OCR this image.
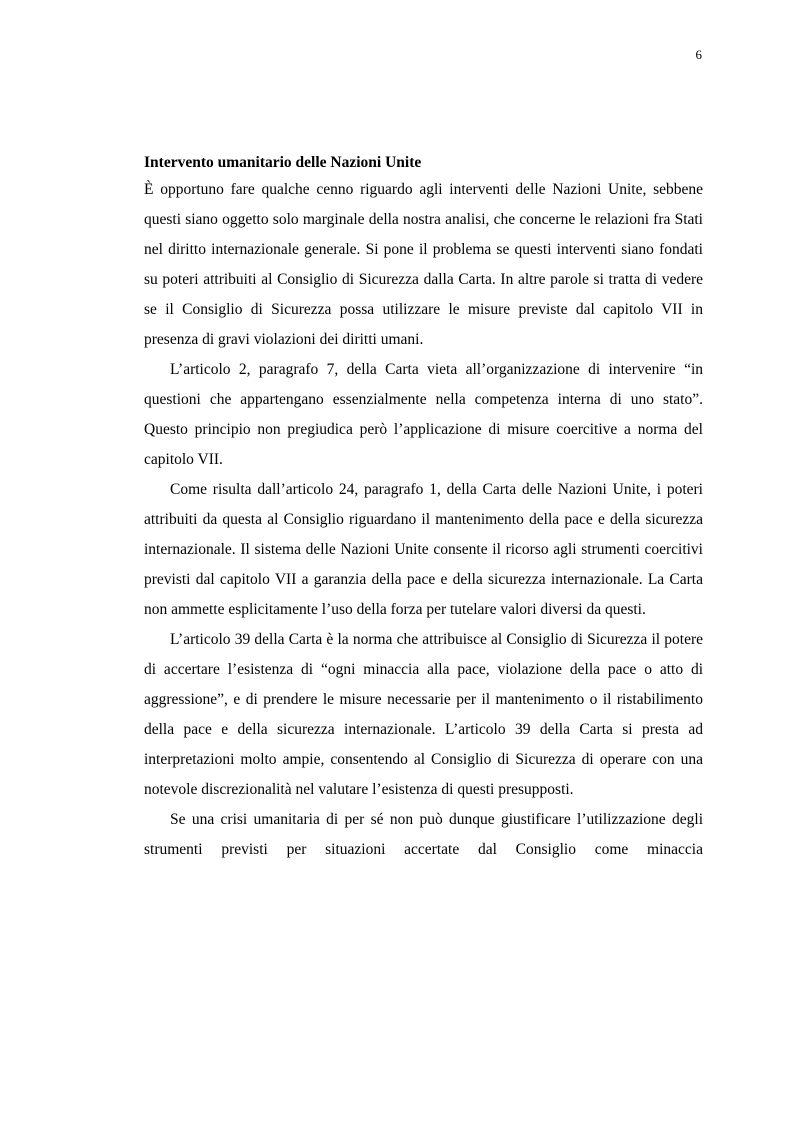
6
Intervento umanitario delle Nazioni Unite

È opportuno fare qualche cenno riguardo agli interventi delle Nazioni Unite, sebbene questi siano oggetto solo marginale della nostra analisi, che concerne le relazioni fra Stati nel diritto internazionale generale. Si pone il problema se questi interventi siano fondati su poteri attribuiti al Consiglio di Sicurezza dalla Carta. In altre parole si tratta di vedere se il Consiglio di Sicurezza possa utilizzare le misure previste dal capitolo VII in presenza di gravi violazioni dei diritti umani.

L’articolo 2, paragrafo 7, della Carta vieta all’organizzazione di intervenire “in questioni che appartengano essenzialmente nella competenza interna di uno stato”. Questo principio non pregiudica però l’applicazione di misure coercitive a norma del capitolo VII.

Come risulta dall’articolo 24, paragrafo 1, della Carta delle Nazioni Unite, i poteri attribuiti da questa al Consiglio riguardano il mantenimento della pace e della sicurezza internazionale. Il sistema delle Nazioni Unite consente il ricorso agli strumenti coercitivi previsti dal capitolo VII a garanzia della pace e della sicurezza internazionale. La Carta non ammette esplicitamente l’uso della forza per tutelare valori diversi da questi.

L’articolo 39 della Carta è la norma che attribuisce al Consiglio di Sicurezza il potere di accertare l’esistenza di “ogni minaccia alla pace, violazione della pace o atto di aggressione”, e di prendere le misure necessarie per il mantenimento o il ristabilimento della pace e della sicurezza internazionale. L’articolo 39 della Carta si presta ad interpretazioni molto ampie, consentendo al Consiglio di Sicurezza di operare con una notevole discrezionalità nel valutare l’esistenza di questi presupposti.

Se una crisi umanitaria di per sé non può dunque giustificare l’utilizzazione degli strumenti previsti per situazioni accertate dal Consiglio come minaccia
